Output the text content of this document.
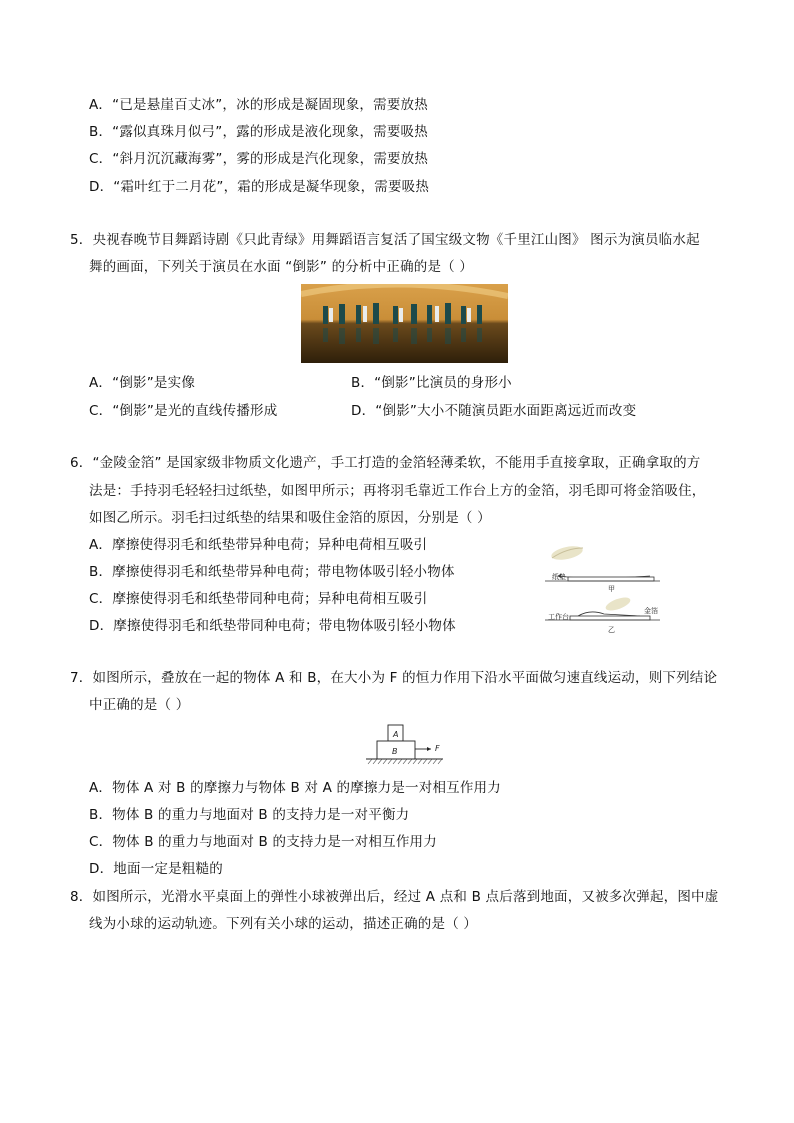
A．“已是悬崖百丈冰”，冰的形成是凝固现象，需要放热
B．“露似真珠月似弓”，露的形成是液化现象，需要吸热
C．“斜月沉沉藏海雾”，雾的形成是汽化现象，需要放热
D．“霜叶红于二月花”，霜的形成是凝华现象，需要吸热
5．央视春晚节目舞蹈诗剧《只此青绿》用舞蹈语言复活了国宝级文物《千里江山图》 图示为演员临水起
舞的画面，下列关于演员在水面 “倒影” 的分析中正确的是（ ）
A．“倒影”是实像	B．“倒影”比演员的身形小
C．“倒影”是光的直线传播形成	D．“倒影”大小不随演员距水面距离远近而改变
6．“金陵金箔” 是国家级非物质文化遗产，手工打造的金箔轻薄柔软，不能用手直接拿取，正确拿取的方
法是：手持羽毛轻轻扫过纸垫，如图甲所示；再将羽毛靠近工作台上方的金箔，羽毛即可将金箔吸住，
如图乙所示。羽毛扫过纸垫的结果和吸住金箔的原因，分别是（ ）
A．摩擦使得羽毛和纸垫带异种电荷；异种电荷相互吸引
B．摩擦使得羽毛和纸垫带异种电荷；带电物体吸引轻小物体
C．摩擦使得羽毛和纸垫带同种电荷；异种电荷相互吸引
D．摩擦使得羽毛和纸垫带同种电荷；带电物体吸引轻小物体
纸垫
甲
工作台
金箔
乙
7．如图所示，叠放在一起的物体 A 和 B，在大小为 F 的恒力作用下沿水平面做匀速直线运动，则下列结论
中正确的是（ ）
A
B	F
A．物体 A 对 B 的摩擦力与物体 B 对 A 的摩擦力是一对相互作用力
B．物体 B 的重力与地面对 B 的支持力是一对平衡力
C．物体 B 的重力与地面对 B 的支持力是一对相互作用力
D．地面一定是粗糙的
8．如图所示，光滑水平桌面上的弹性小球被弹出后，经过 A 点和 B 点后落到地面，又被多次弹起，图中虚
线为小球的运动轨迹。下列有关小球的运动，描述正确的是（ ）
